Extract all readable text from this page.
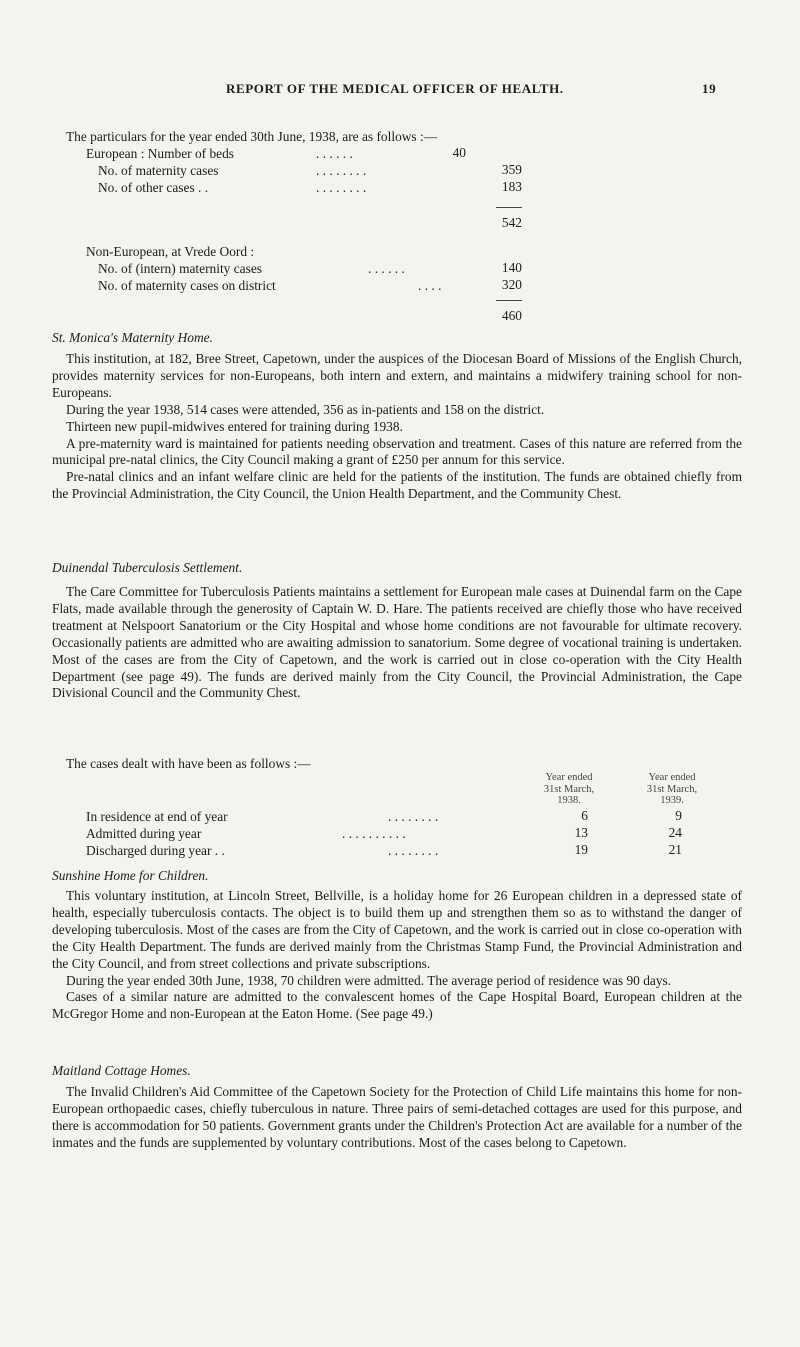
REPORT OF THE MEDICAL OFFICER OF HEALTH.	19
The particulars for the year ended 30th June, 1938, are as follows :—
European : Number of beds	. . . . . .	40
No. of maternity cases	. . . . . . . .	359
No. of other cases . .	. . . . . . . .	183
542
Non-European, at Vrede Oord :
No. of (intern) maternity cases	. . . . . .	140
No. of maternity cases on district	. . . .	320
460
St. Monica's Maternity Home.

This institution, at 182, Bree Street, Capetown, under the auspices of the Diocesan Board of Missions of the English Church, provides maternity services for non-Europeans, both intern and extern, and maintains a midwifery training school for non-Europeans.

During the year 1938, 514 cases were attended, 356 as in-patients and 158 on the district.

Thirteen new pupil-midwives entered for training during 1938.

A pre-maternity ward is maintained for patients needing observation and treatment. Cases of this nature are referred from the municipal pre-natal clinics, the City Council making a grant of £250 per annum for this service.

Pre-natal clinics and an infant welfare clinic are held for the patients of the institution. The funds are obtained chiefly from the Provincial Administration, the City Council, the Union Health Department, and the Community Chest.

Duinendal Tuberculosis Settlement.

The Care Committee for Tuberculosis Patients maintains a settlement for European male cases at Duinendal farm on the Cape Flats, made available through the generosity of Captain W. D. Hare. The patients received are chiefly those who have received treatment at Nelspoort Sanatorium or the City Hospital and whose home conditions are not favourable for ultimate recovery. Occasionally patients are admitted who are awaiting admission to sanatorium. Some degree of vocational training is undertaken. Most of the cases are from the City of Capetown, and the work is carried out in close co-operation with the City Health Department (see page 49). The funds are derived mainly from the City Council, the Provincial Administration, the Cape Divisional Council and the Community Chest.

The cases dealt with have been as follows :—
Year ended
31st March,
1938.
Year ended
31st March,
1939.
In residence at end of year	. . . . . . . .	6	9
Admitted during year	. . . . . . . . . .	13	24
Discharged during year . .	. . . . . . . .	19	21
Sunshine Home for Children.

This voluntary institution, at Lincoln Street, Bellville, is a holiday home for 26 European children in a depressed state of health, especially tuberculosis contacts. The object is to build them up and strengthen them so as to withstand the danger of developing tuberculosis. Most of the cases are from the City of Capetown, and the work is carried out in close co-operation with the City Health Department. The funds are derived mainly from the Christmas Stamp Fund, the Provincial Administration and the City Council, and from street collections and private subscriptions.

During the year ended 30th June, 1938, 70 children were admitted. The average period of residence was 90 days.

Cases of a similar nature are admitted to the convalescent homes of the Cape Hospital Board, European children at the McGregor Home and non-European at the Eaton Home. (See page 49.)

Maitland Cottage Homes.

The Invalid Children's Aid Committee of the Capetown Society for the Protection of Child Life maintains this home for non-European orthopaedic cases, chiefly tuberculous in nature. Three pairs of semi-detached cottages are used for this purpose, and there is accommodation for 50 patients. Government grants under the Children's Protection Act are available for a number of the inmates and the funds are supplemented by voluntary contributions. Most of the cases belong to Capetown.
